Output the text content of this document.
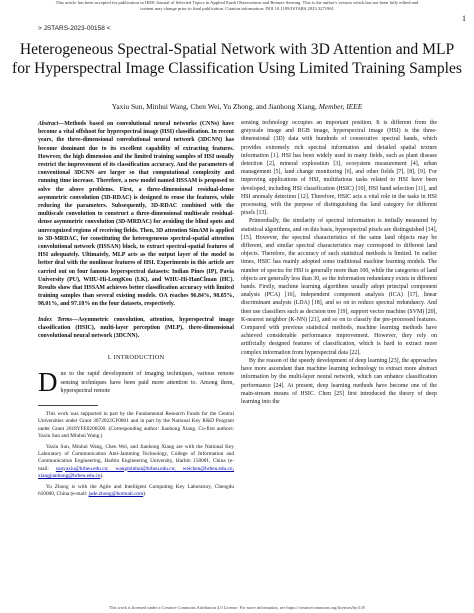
This article has been accepted for publication in IEEE Journal of Selected Topics in Applied Earth Observations and Remote Sensing. This is the author's version which has not been fully edited and
content may change prior to final publication. Citation information: DOI 10.1109/JSTARS.2023.3271961
1
> JSTARS-2023-00158 <
Heterogeneous Spectral-Spatial Network with 3D Attention and MLP for Hyperspectral Image Classification Using Limited Training Samples
Yaxiu Sun, Minhui Wang, Chen Wei, Yu Zhong, and Jianhong Xiang, Member, IEEE
Abstract—Methods based on convolutional neural networks (CNNs) have become a vital offshoot for hyperspectral image (HSI) classification. In recent years, the three-dimensional convolutional neural network (3DCNN) has become dominant due to its excellent capability of extracting features. However, the high dimension and the limited training samples of HSI usually restrict the improvement of its classification accuracy. And the parameters of conventional 3DCNN are larger so that computational complexity and running time increase. Therefore, a new model named HSSAM is proposed to solve the above problems. First, a three-dimensional residual-dense asymmetric convolution (3D-RDAC) is designed to reuse the features, while reducing the parameters. Subsequently, 3D-RDAC combined with the multiscale convolution to construct a three-dimensional multiscale residual-dense asymmetric convolution (3D-MRDAC) for avoiding the blind spots and unrecognized regions of receiving fields. Then, 3D attention SimAM is applied to 3D-MRDAC, for constituting the heterogeneous spectral-spatial attention convolutional network (HSSAN) block, to extract spectral-spatial features of HSI adequately. Ultimately, MLP acts as the output layer of the model to better deal with the nonlinear features of HSI. Experiments in this article are carried out on four famous hyperspectral datasets: Indian Pines (IP), Pavia University (PU), WHU-Hi-LongKou (LK), and WHU-Hi-HanChuan (HC). Results show that HSSAM achieves better classification accuracy with limited training samples than several existing models. OA reaches 96.84%, 98.85%, 98.01%, and 97.18% on the four datasets, respectively.
Index Terms—Asymmetric convolution, attention, hyperspectral image classification (HSIC), multi-layer perception (MLP), three-dimensional convolutional neural network (3DCNN).
I. INTRODUCTION
Due to the rapid development of imaging techniques, various remote sensing techniques have been paid more attention to. Among them, hyperspectral remote

This work was supported in part by the Fundamental Research Funds for the Central Universities under Grant 3072022CF0801 and in part by the National Key R&D Program under Grant 2018YFE0206500. (Corresponding author: Jianhong Xiang. Co-first authors: Yaxiu Sun and Minhui Wang.)

Yaxiu Sun, Minhui Wang, Chen Wei, and Jianhong Xiang are with the National Key Laboratory of Communication Anti-Jamming Technology, College of Information and Communication Engineering, Harbin Engineering University, Harbin 150001, China (e-mail: sunyaxiu@hrbeu.edu.cn; wangminhui@hrbeu.edu.cn; weichen@hrbeu.edu.cn; xiangjianhong@hrbeu.edu.cn).

Yu Zhong is with the Agile and Intelligent Computing Key Laboratory, Chengdu 610000, China (e-mail: jade.zhong@hotmail.com).

sensing technology occupies an important position. It is different from the grayscale image and RGB image, hyperspectral image (HSI) is the three-dimensional (3D) data with hundreds of consecutive spectral bands, which provides extremely rich spectral information and detailed spatial texture information [1]. HSI has been widely used in many fields, such as plant disease detection [2], mineral exploration [3], ecosystem measurement [4], urban management [5], land change monitoring [6], and other fields [7], [8], [9]. For improving applications of HSI, multifarious tasks related to HSI have been developed, including HSI classification (HSIC) [10], HSI band selection [11], and HSI anomaly detection [12]. Therefore, HSIC acts a vital role in the tasks in HSI processing, with the purpose of distinguishing the land category for different pixels [13].

Primordially, the similarity of spectral information is initially measured by statistical algorithms, and on this basis, hyperspectral pixels are distinguished [14], [15]. However, the spectral characteristics of the same land objects may be different, and similar spectral characteristics may correspond to different land objects. Therefore, the accuracy of such statistical methods is limited. In earlier times, HSIC has mainly adopted some traditional machine learning models. The number of spectra for HSI is generally more than 100, while the categories of land objects are generally less than 30, so the information redundancy exists in different bands. Firstly, machine learning algorithms usually adopt principal component analysis (PCA) [16], independent component analysis (ICA) [17], linear discriminant analysis (LDA) [18], and so on to reduce spectral redundancy. And then use classifiers such as decision tree [19], support vector machine (SVM) [20], K-nearest neighbor (K-NN) [21], and so on to classify the pre-processed features. Compared with previous statistical methods, machine learning methods have achieved considerable performance improvement. However, they rely on artificially designed features of classification, which is hard to extract more complex information from hyperspectral data [22].

By the reason of the speedy development of deep learning [23], the approaches have more ascendant than machine learning technology to extract more abstract information by the multi-layer neural network, which can enhance classification performance [24]. At present, deep learning methods have become one of the main-stream means of HSIC. Chen [25] first introduced the theory of deep learning into the

This work is licensed under a Creative Commons Attribution 4.0 License. For more information, see https://creativecommons.org/licenses/by/4.0/
